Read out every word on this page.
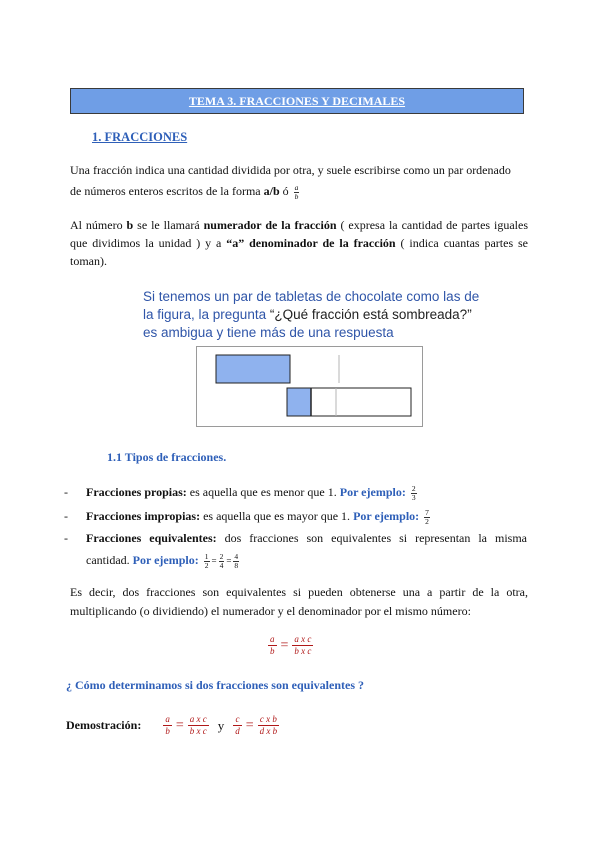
TEMA 3. FRACCIONES Y DECIMALES
1. FRACCIONES
Una fracción indica una cantidad dividida por otra, y suele escribirse como un par ordenado
de números enteros escritos de la forma a/b ó $\frac{a}{b}$
Al número b se le llamará numerador de la fracción ( expresa la cantidad de partes iguales que dividimos la unidad ) y a “a” denominador de la fracción ( indica cuantas partes se toman).
Si tenemos un par de tabletas de chocolate como las de
la figura, la pregunta “¿Qué fracción está sombreada?”
es ambigua y tiene más de una respuesta
1.1 Tipos de fracciones.
- Fracciones propias: es aquella que es menor que 1. Por ejemplo: $\frac{2}{3}$
- Fracciones impropias: es aquella que es mayor que 1. Por ejemplo: $\frac{7}{2}$
- Fracciones equivalentes: dos fracciones son equivalentes si representan la misma cantidad. Por ejemplo: $\frac{1}{2} = \frac{2}{4} = \frac{4}{8}$
Es decir, dos fracciones son equivalentes si pueden obtenerse una a partir de la otra, multiplicando (o dividiendo) el numerador y el denominador por el mismo número:
$\frac{a}{b} = \frac{\text{a x c}}{\text{b x c}}$
¿ Cómo determinamos si dos fracciones son equivalentes ?
Demostración: $\frac{a}{b} = \frac{\text{a x c}}{\text{b x c}}$ y $\frac{c}{d} = \frac{\text{c x b}}{\text{d x b}}$
